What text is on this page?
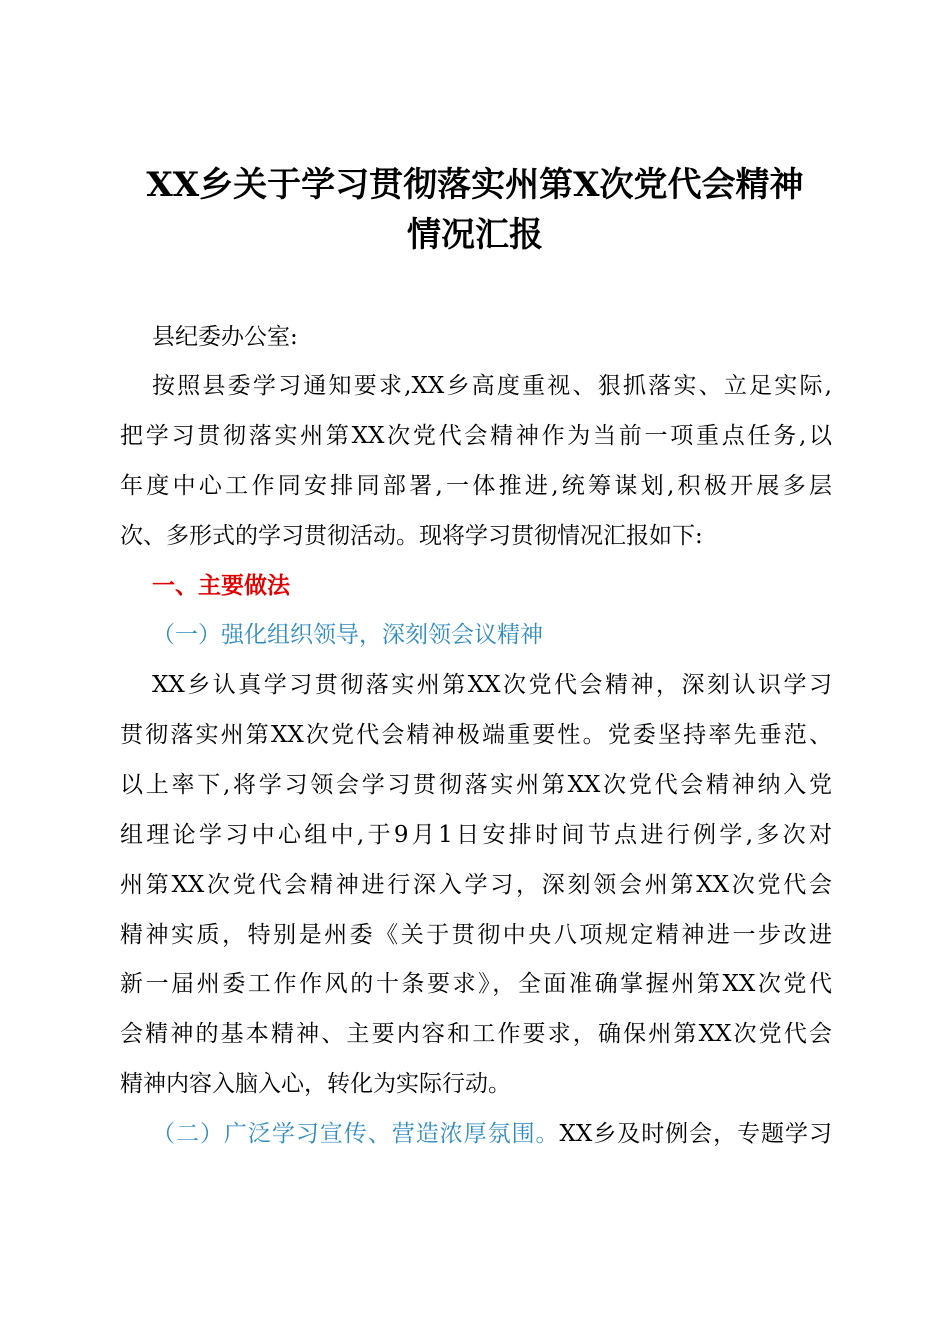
XX乡关于学习贯彻落实州第X次党代会精神
情况汇报
县纪委办公室:
按照县委学习通知要求,XX乡高度重视、狠抓落实、立足实际,
把学习贯彻落实州第XX次党代会精神作为当前一项重点任务,以
年度中心工作同安排同部署,一体推进,统筹谋划,积极开展多层
次、多形式的学习贯彻活动。现将学习贯彻情况汇报如下:
一、主要做法
（一）强化组织领导，深刻领会议精神
XX乡认真学习贯彻落实州第XX次党代会精神，深刻认识学习
贯彻落实州第XX次党代会精神极端重要性。党委坚持率先垂范、
以上率下,将学习领会学习贯彻落实州第XX次党代会精神纳入党
组理论学习中心组中,于9月1日安排时间节点进行例学,多次对
州第XX次党代会精神进行深入学习，深刻领会州第XX次党代会
精神实质，特别是州委《关于贯彻中央八项规定精神进一步改进
新一届州委工作作风的十条要求》，全面准确掌握州第XX次党代
会精神的基本精神、主要内容和工作要求，确保州第XX次党代会
精神内容入脑入心，转化为实际行动。
（二）广泛学习宣传、营造浓厚氛围。XX乡及时例会，专题学习
